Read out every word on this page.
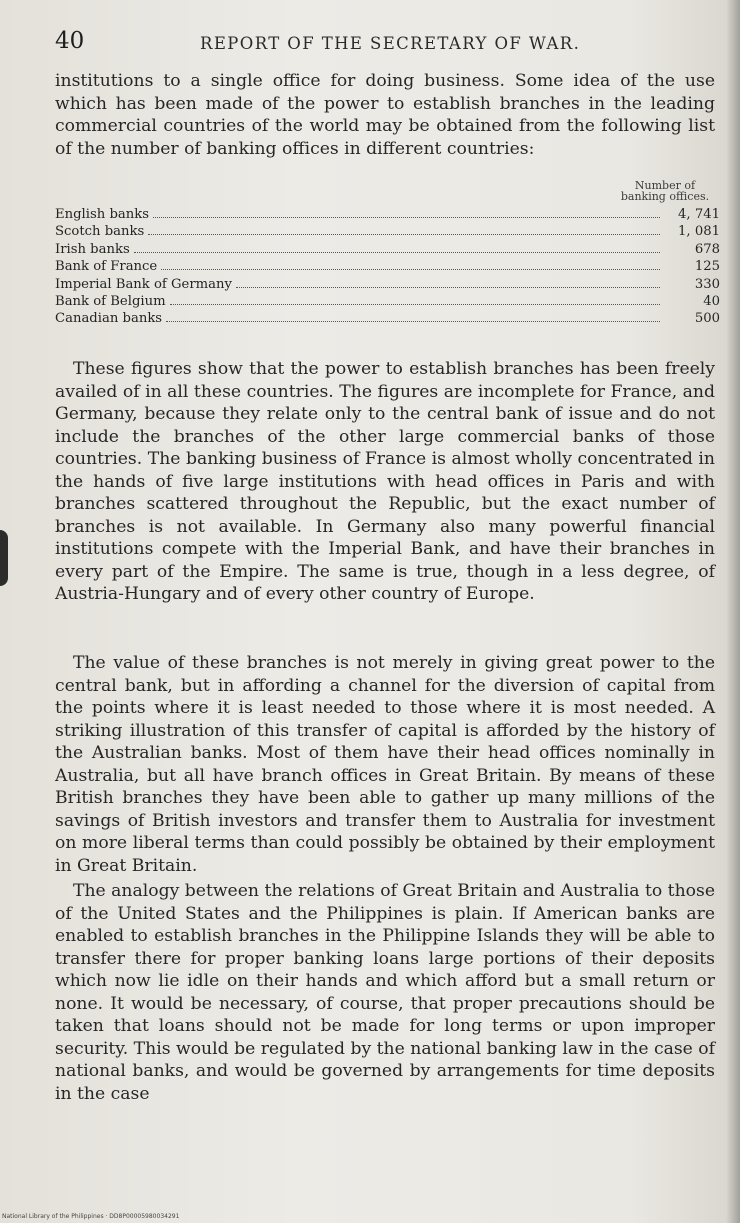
40	REPORT OF THE SECRETARY OF WAR.

institutions to a single office for doing business. Some idea of the use which has been made of the power to establish branches in the leading commercial countries of the world may be obtained from the following list of the number of banking offices in different countries:

Number of
banking offices.
English banks	4, 741
Scotch banks	1, 081
Irish banks	678
Bank of France	125
Imperial Bank of Germany	330
Bank of Belgium	40
Canadian banks	500

These figures show that the power to establish branches has been freely availed of in all these countries. The figures are incomplete for France, and Germany, because they relate only to the central bank of issue and do not include the branches of the other large commercial banks of those countries. The banking business of France is almost wholly concentrated in the hands of five large institutions with head offices in Paris and with branches scattered throughout the Republic, but the exact number of branches is not available. In Germany also many powerful financial institutions compete with the Imperial Bank, and have their branches in every part of the Empire. The same is true, though in a less degree, of Austria-Hungary and of every other country of Europe.

The value of these branches is not merely in giving great power to the central bank, but in affording a channel for the diversion of capital from the points where it is least needed to those where it is most needed. A striking illustration of this transfer of capital is afforded by the history of the Australian banks. Most of them have their head offices nominally in Australia, but all have branch offices in Great Britain. By means of these British branches they have been able to gather up many millions of the savings of British investors and transfer them to Australia for investment on more liberal terms than could possibly be obtained by their employment in Great Britain.

The analogy between the relations of Great Britain and Australia to those of the United States and the Philippines is plain. If American banks are enabled to establish branches in the Philippine Islands they will be able to transfer there for proper banking loans large portions of their deposits which now lie idle on their hands and which afford but a small return or none. It would be necessary, of course, that proper precautions should be taken that loans should not be made for long terms or upon improper security. This would be regulated by the national banking law in the case of national banks, and would be governed by arrangements for time deposits in the case

National Library of the Philippines · DD8P00005980034291
